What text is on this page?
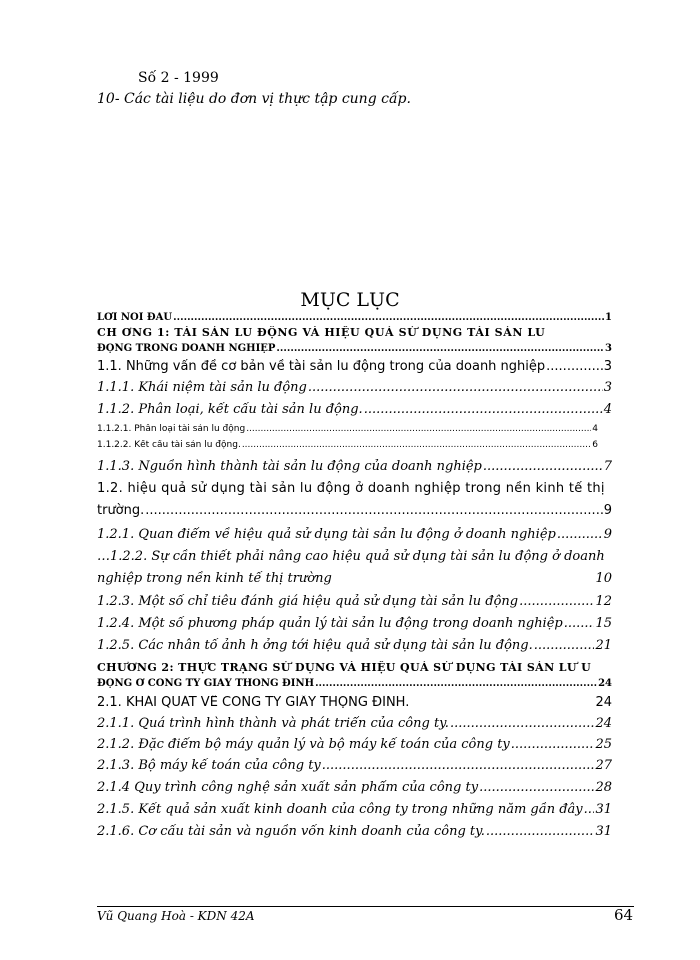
Số 2 - 1999
10- Các tài liệu do đơn vị thực tập cung cấp.
MỤC LỤC
LỜI NÓI ĐẦU .....	1
CH ƠNG 1: TÀI SẢN LU ĐỘNG VÀ HIỆU QUẢ SỬ DỤNG TÀI SẢN LU
ĐỘNG TRONG DOANH NGHIỆP .....	3
1.1. Những vấn đề cơ bản về tài sản lu động trong của doanh nghiệp .....	3
1.1.1. Khái niệm tài sản lu động .....	3
1.1.2. Phân loại, kết cấu tài sản lu động. .....	4
1.1.2.1. Phân loại tài sản lu động .....	4
1.1.2.2. Kết cấu tài sản lu động. .....	6
1.1.3. Nguồn hình thành tài sản lu động của doanh nghiệp .....	7
1.2. hiệu quả sử dụng tài sản lu động ở doanh nghiệp trong nền kinh tế thị
trường. .....	9
1.2.1. Quan điểm về hiệu quả sử dụng tài sản lu động ở doanh nghiệp .....	9
…1.2.2. Sự cần thiết phải nâng cao hiệu quả sử dụng tài sản lu động ở doanh
nghiệp trong nền kinh tế thị trường	10
1.2.3. Một số chỉ tiêu đánh giá hiệu quả sử dụng tài sản lu động .....	12
1.2.4. Một số phương pháp quản lý tài sản lu động trong doanh nghiệp .....	15
1.2.5. Các nhân tố ảnh h ởng tới hiệu quả sử dụng tài sản lu động. .....	21
CHƯƠNG 2: THỰC TRẠNG SỬ DỤNG VÀ HIỆU QUẢ SỬ DỤNG TÀI SẢN LƯ U
ĐỘNG Ở CÔNG TY GIẤY THONG ĐỈNH .....	24
2.1. KHÁI QUÁT VỀ CÔNG TY GIẤY THỌNG ĐỈNH.	24
2.1.1. Quá trình hình thành và phát triển của công ty. .....	24
2.1.2. Đặc điểm bộ máy quản lý và bộ máy kế toán của công ty .....	25
2.1.3. Bộ máy kế toán của công ty .....	27
2.1.4 Quy trình công nghệ sản xuất sản phẩm của công ty .....	28
2.1.5. Kết quả sản xuất kinh doanh của công ty trong những năm gần đây ..... 31
2.1.6. Cơ cấu tài sản và nguồn vốn kinh doanh của công ty. .....	31
Vũ Quang Hoà - KDN 42A	64
